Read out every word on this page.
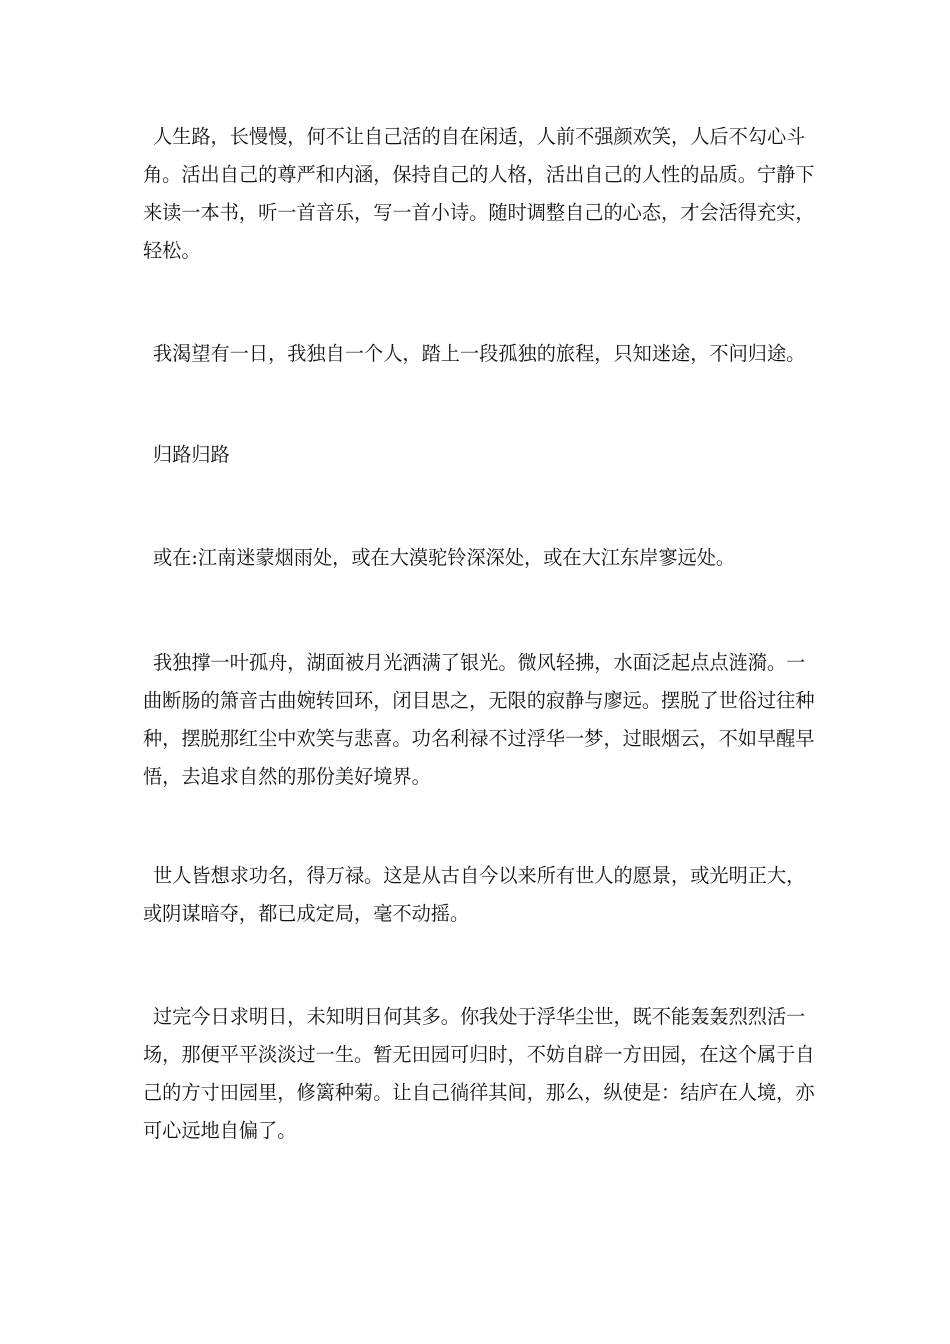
人生路，长慢慢，何不让自己活的自在闲适，人前不强颜欢笑，人后不勾心斗角。活出自己的尊严和内涵，保持自己的人格，活出自己的人性的品质。宁静下来读一本书，听一首音乐，写一首小诗。随时调整自己的心态，才会活得充实，轻松。

我渴望有一日，我独自一个人，踏上一段孤独的旅程，只知迷途，不问归途。

归路归路

或在:江南迷蒙烟雨处，或在大漠驼铃深深处，或在大江东岸寥远处。

我独撑一叶孤舟，湖面被月光洒满了银光。微风轻拂，水面泛起点点涟漪。一曲断肠的箫音古曲婉转回环，闭目思之，无限的寂静与廖远。摆脱了世俗过往种种，摆脱那红尘中欢笑与悲喜。功名利禄不过浮华一梦，过眼烟云，不如早醒早悟，去追求自然的那份美好境界。

世人皆想求功名，得万禄。这是从古自今以来所有世人的愿景，或光明正大，或阴谋暗夺，都已成定局，毫不动摇。

过完今日求明日，未知明日何其多。你我处于浮华尘世，既不能轰轰烈烈活一场，那便平平淡淡过一生。暂无田园可归时，不妨自辟一方田园，在这个属于自己的方寸田园里，修篱种菊。让自己徜徉其间，那么，纵使是：结庐在人境，亦可心远地自偏了。
